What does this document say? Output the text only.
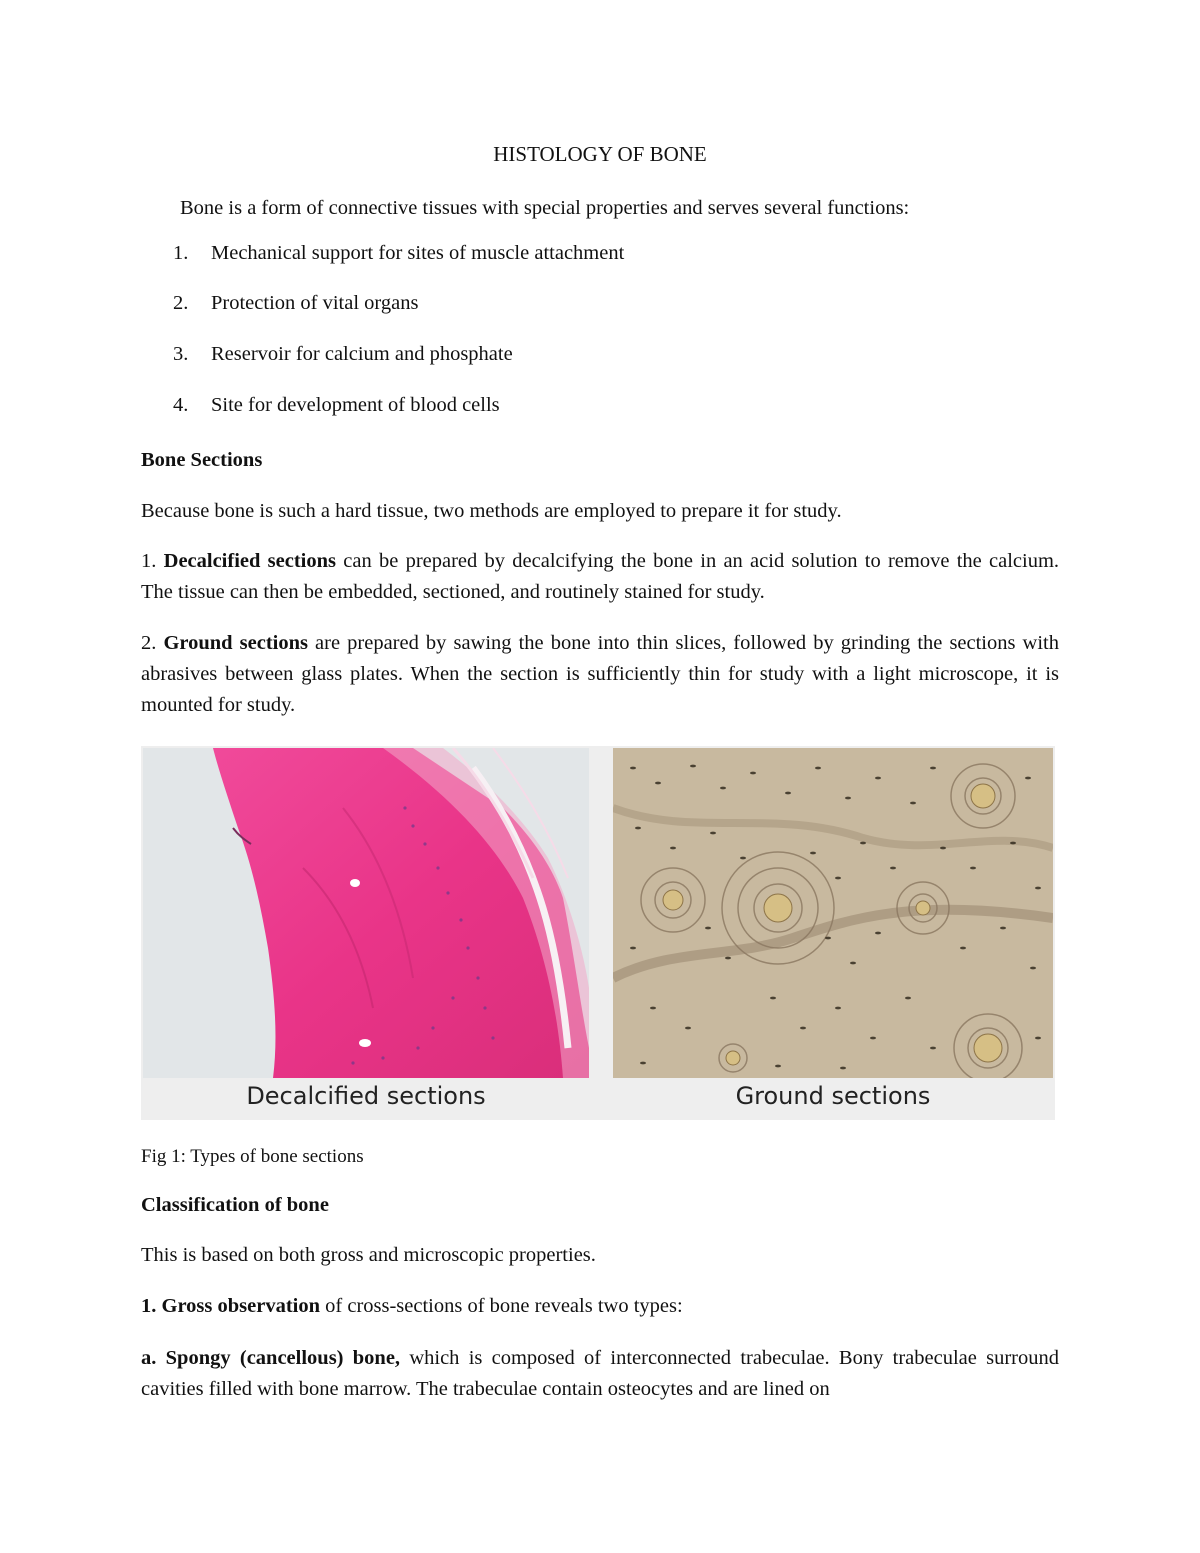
HISTOLOGY OF BONE

Bone is a form of connective tissues with special properties and serves several functions:

1. Mechanical support for sites of muscle attachment
2. Protection of vital organs
3. Reservoir for calcium and phosphate
4. Site for development of blood cells

Bone Sections

Because bone is such a hard tissue, two methods are employed to prepare it for study.

1. Decalcified sections can be prepared by decalcifying the bone in an acid solution to remove the calcium. The tissue can then be embedded, sectioned, and routinely stained for study.

2. Ground sections are prepared by sawing the bone into thin slices, followed by grinding the sections with abrasives between glass plates. When the section is sufficiently thin for study with a light microscope, it is mounted for study.

Decalcified sections	Ground sections

Fig 1: Types of bone sections

Classification of bone

This is based on both gross and microscopic properties.

1. Gross observation of cross-sections of bone reveals two types:

a. Spongy (cancellous) bone, which is composed of interconnected trabeculae. Bony trabeculae surround cavities filled with bone marrow. The trabeculae contain osteocytes and are lined on
